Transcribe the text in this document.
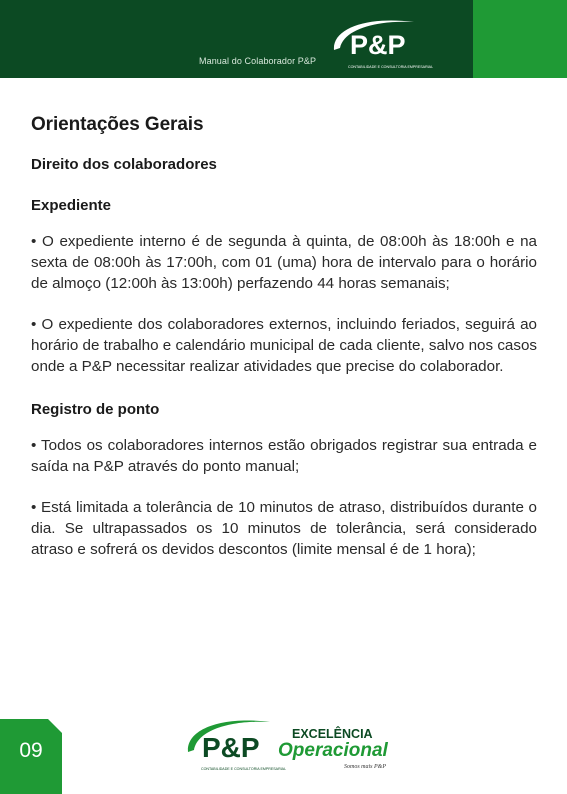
Manual do Colaborador P&P
P&P
CONTABILIDADE E CONSULTORIA EMPRESARIAL
Orientações Gerais
Direito dos colaboradores
Expediente

• O expediente interno é de segunda à quinta, de 08:00h às 18:00h e na sexta de 08:00h às 17:00h, com 01 (uma) hora de intervalo para o horário de almoço (12:00h às 13:00h) perfazendo 44 horas semanais;

• O expediente dos colaboradores externos, incluindo feriados, seguirá ao horário de trabalho e calendário municipal de cada cliente, salvo nos casos onde a P&P necessitar realizar atividades que precise do colaborador.

Registro de ponto

• Todos os colaboradores internos estão obrigados registrar sua entrada e saída na P&P através do ponto manual;

• Está limitada a tolerância de 10 minutos de atraso, distribuídos durante o dia. Se ultrapassados os 10 minutos de tolerância, será considerado atraso e sofrerá os devidos descontos (limite mensal é de 1 hora);

09	P&P
CONTABILIDADE E CONSULTORIA EMPRESARIAL
EXCELÊNCIA
Operacional
Somos mais P&P
